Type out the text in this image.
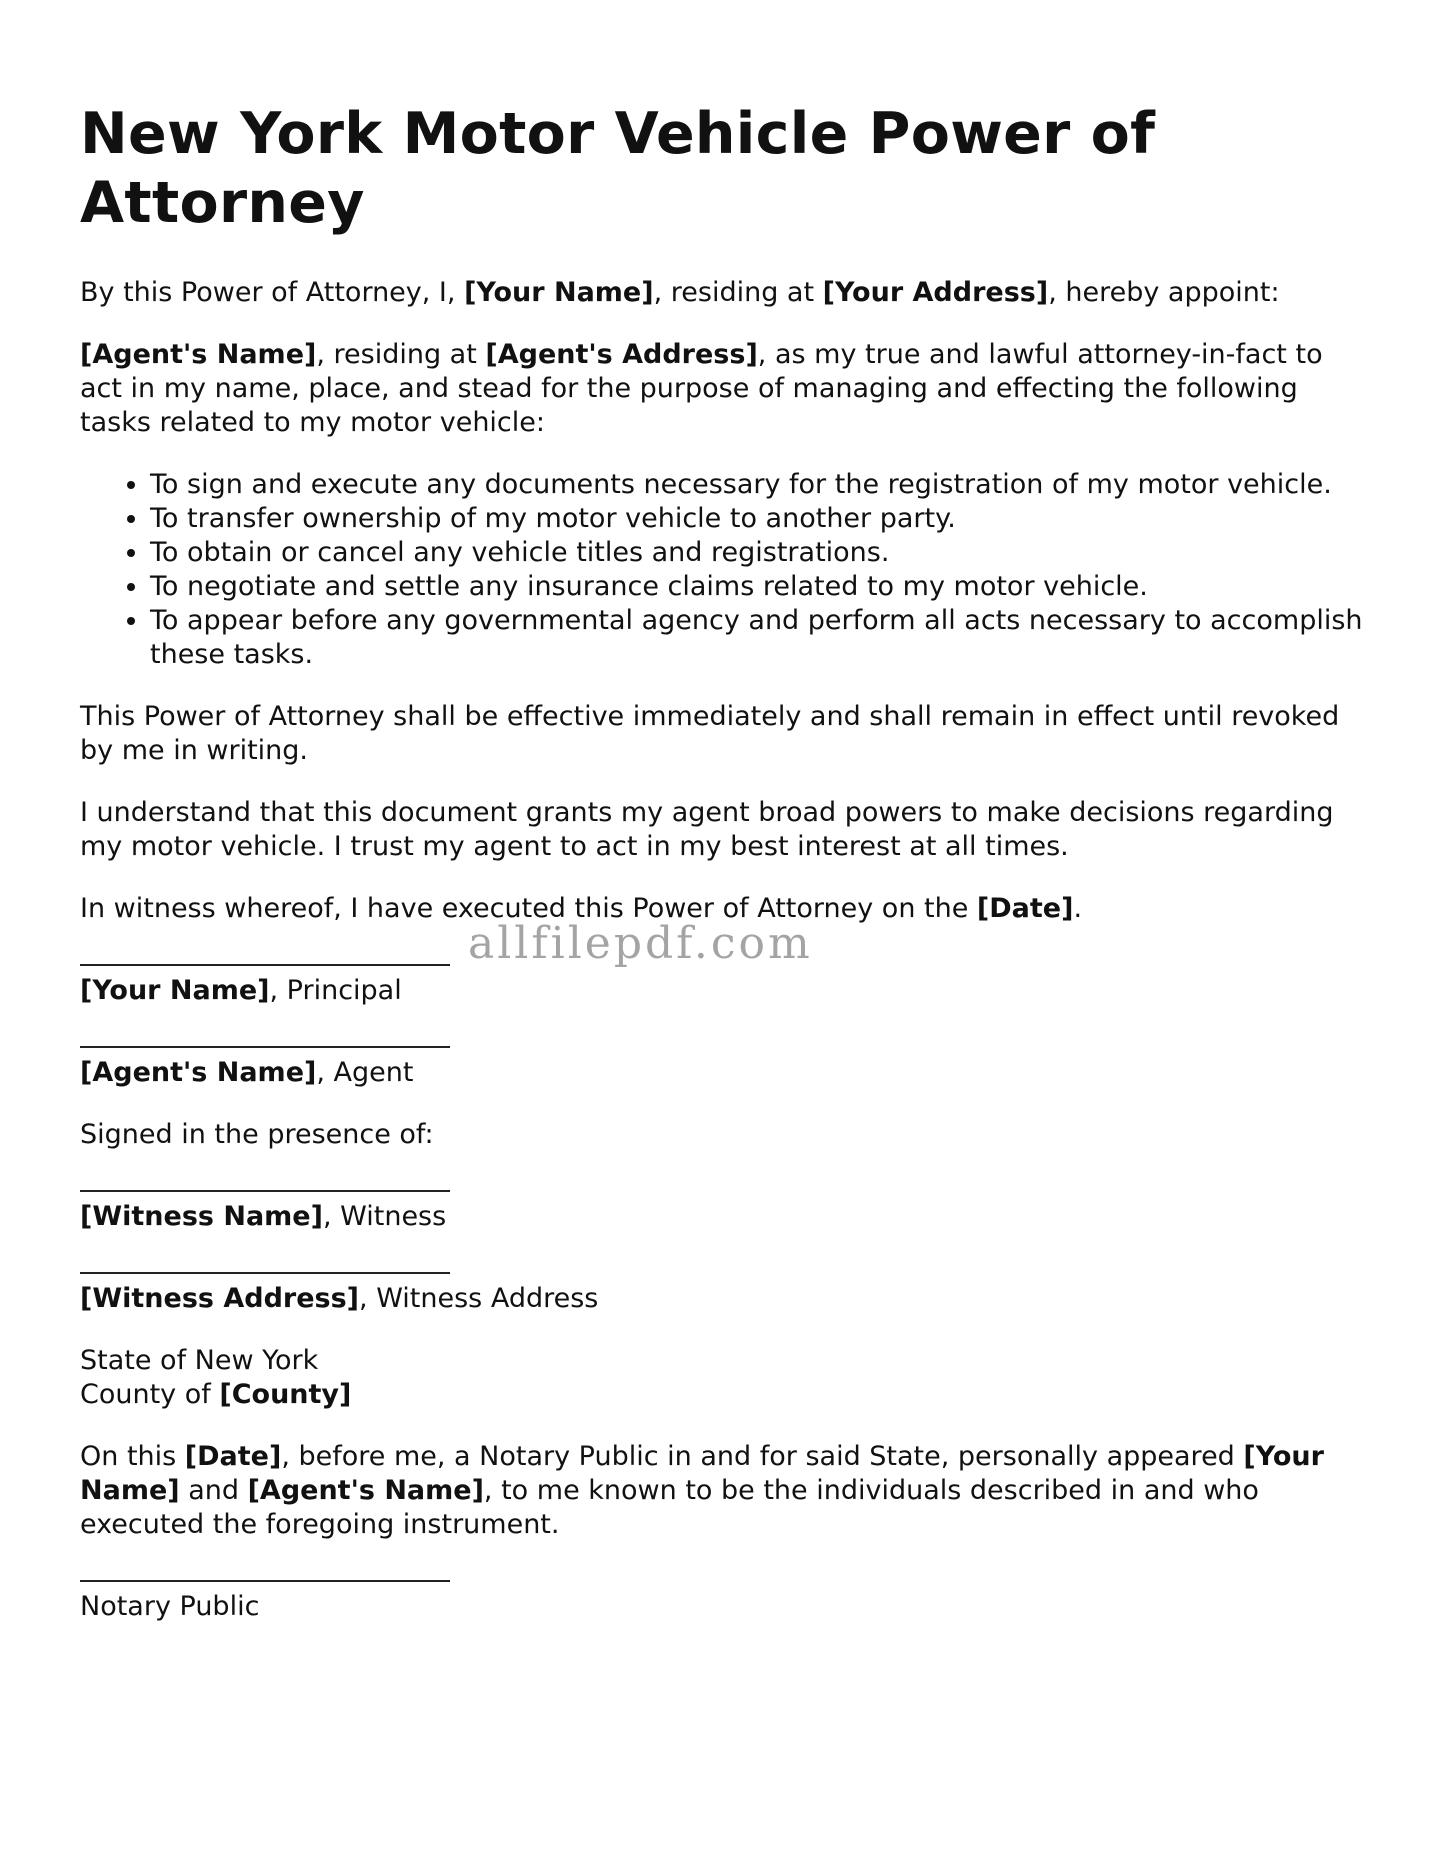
New York Motor Vehicle Power of Attorney

By this Power of Attorney, I, [Your Name], residing at [Your Address], hereby appoint:

[Agent's Name], residing at [Agent's Address], as my true and lawful attorney-in-fact to act in my name, place, and stead for the purpose of managing and effecting the following tasks related to my motor vehicle:

• To sign and execute any documents necessary for the registration of my motor vehicle.
• To transfer ownership of my motor vehicle to another party.
• To obtain or cancel any vehicle titles and registrations.
• To negotiate and settle any insurance claims related to my motor vehicle.
• To appear before any governmental agency and perform all acts necessary to accomplish these tasks.

This Power of Attorney shall be effective immediately and shall remain in effect until revoked by me in writing.

I understand that this document grants my agent broad powers to make decisions regarding my motor vehicle. I trust my agent to act in my best interest at all times.

In witness whereof, I have executed this Power of Attorney on the [Date].

[Your Name], Principal
[Agent's Name], Agent

Signed in the presence of:

[Witness Name], Witness
[Witness Address], Witness Address

State of New York
County of [County]

On this [Date], before me, a Notary Public in and for said State, personally appeared [Your Name] and [Agent's Name], to me known to be the individuals described in and who executed the foregoing instrument.

Notary Public
allfilepdf.com
